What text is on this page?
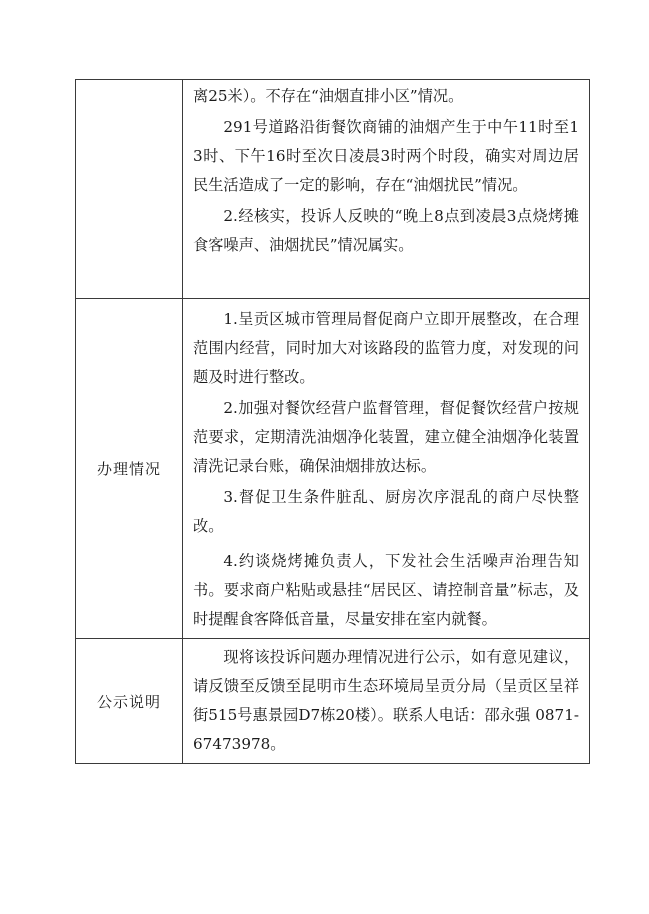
	离25米）。不存在“油烟直排小区”情况。

291号道路沿街餐饮商铺的油烟产生于中午11时至13时、下午16时至次日凌晨3时两个时段，确实对周边居民生活造成了一定的影响，存在“油烟扰民”情况。

2.经核实，投诉人反映的“晚上8点到凌晨3点烧烤摊食客噪声、油烟扰民”情况属实。

办理情况	1.呈贡区城市管理局督促商户立即开展整改，在合理范围内经营，同时加大对该路段的监管力度，对发现的问题及时进行整改。

2.加强对餐饮经营户监督管理，督促餐饮经营户按规范要求，定期清洗油烟净化装置，建立健全油烟净化装置清洗记录台账，确保油烟排放达标。

3.督促卫生条件脏乱、厨房次序混乱的商户尽快整改。

4.约谈烧烤摊负责人，下发社会生活噪声治理告知书。要求商户粘贴或悬挂“居民区、请控制音量”标志，及时提醒食客降低音量，尽量安排在室内就餐。

公示说明	现将该投诉问题办理情况进行公示，如有意见建议，请反馈至反馈至昆明市生态环境局呈贡分局（呈贡区呈祥街515号惠景园D7栋20楼）。联系人电话：邵永强 0871-67473978。
